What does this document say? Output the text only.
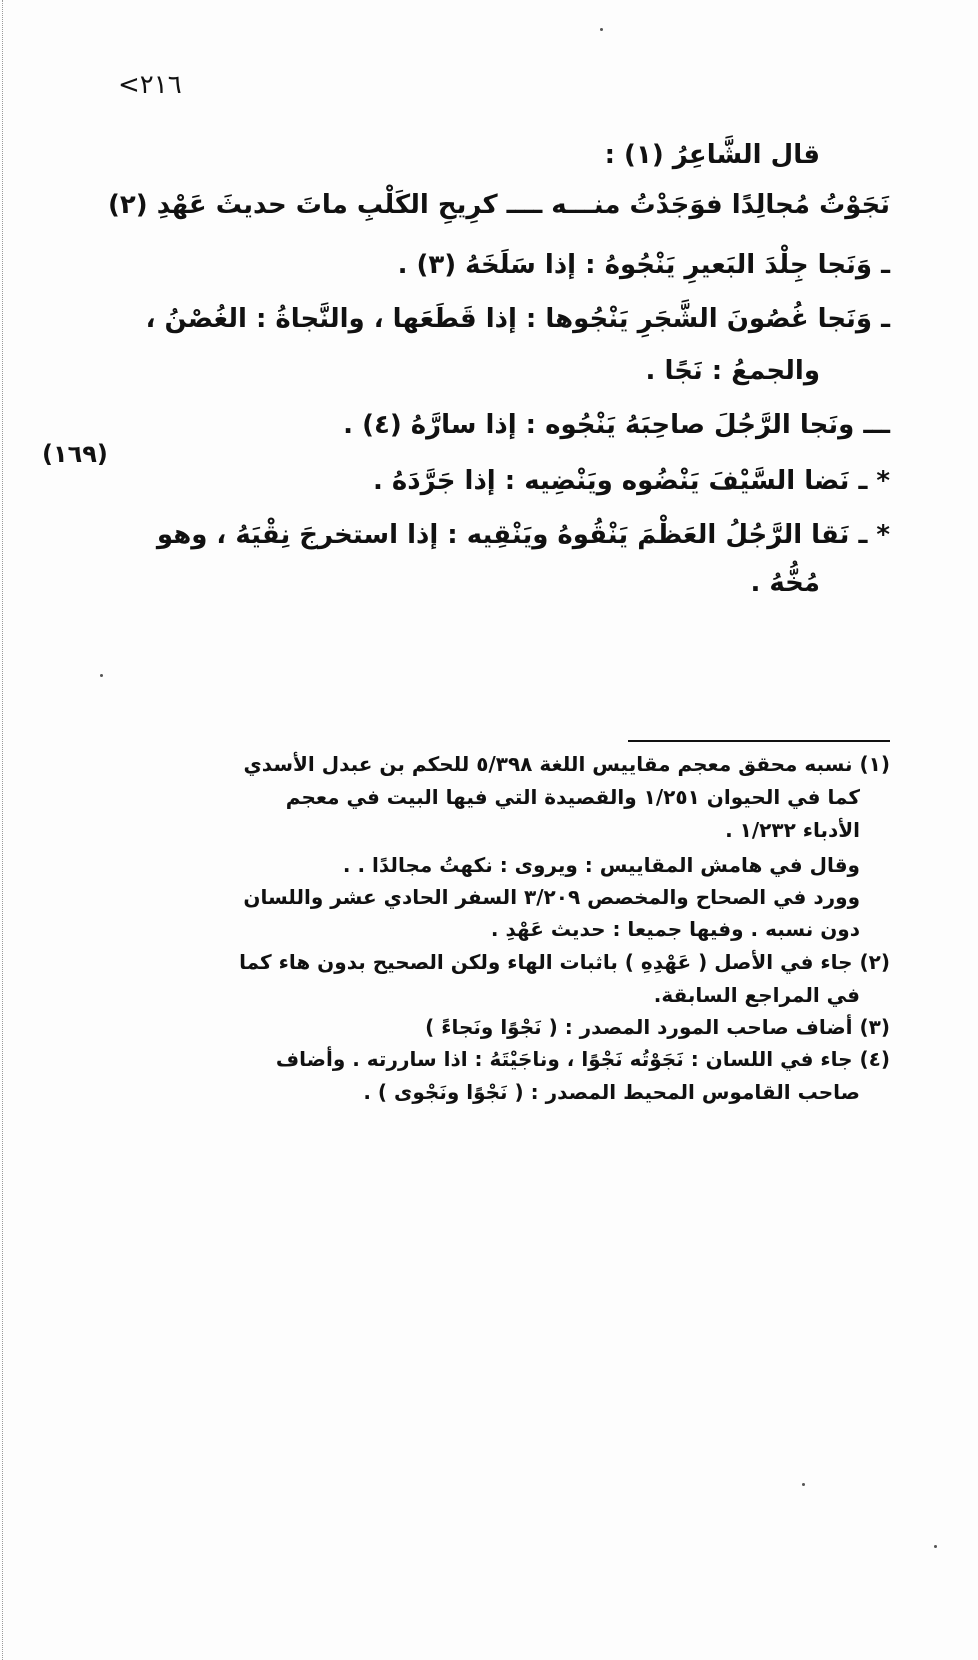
٢١٦>
قال الشَّاعِرُ (١) :
نَجَوْتُ مُجالِدًا فوَجَدْتُ منـــه ــــ كرِيحِ الكَلْبِ ماتَ حديثَ عَهْدِ (٢)
ـ وَنَجا جِلْدَ البَعيرِ يَنْجُوهُ : إذا سَلَخَهُ (٣) .
ـ وَنَجا غُصُونَ الشَّجَرِ يَنْجُوها : إذا قَطَعَها ، والنَّجاةُ : الغُصْنُ ،
والجمعُ : نَجًا .
ـــ ونَجا الرَّجُلَ صاحِبَهُ يَنْجُوه : إذا سارَّهُ (٤) .
* ـ نَضا السَّيْفَ يَنْضُوه ويَنْضِيه : إذا جَرَّدَهُ .
* ـ نَقا الرَّجُلُ العَظْمَ يَنْقُوهُ ويَنْقِيه : إذا استخرجَ نِقْيَهُ ، وهو
مُخُّهُ .
(١٦٩)
(١) نسبه محقق معجم مقاييس اللغة ٥/٣٩٨ للحكم بن عبدل الأسدي
كما في الحيوان ١/٢٥١ والقصيدة التي فيها البيت في معجم
الأدباء ١/٢٣٢ .
وقال في هامش المقاييس : ويروى : نكهتُ مجالدًا . .
وورد في الصحاح والمخصص ٣/٢٠٩ السفر الحادي عشر واللسان
دون نسبه . وفيها جميعا : حديث عَهْدِ .
(٢) جاء في الأصل ( عَهْدِهِ ) باثبات الهاء ولكن الصحيح بدون هاء كما
في المراجع السابقة.
(٣) أضاف صاحب المورد المصدر : ( نَجْوًا ونَجاءً )
(٤) جاء في اللسان : نَجَوْتُه نَجْوًا ، وناجَيْتَهُ : اذا ساررته . وأضاف
صاحب القاموس المحيط المصدر : ( نَجْوًا ونَجْوى ) .
